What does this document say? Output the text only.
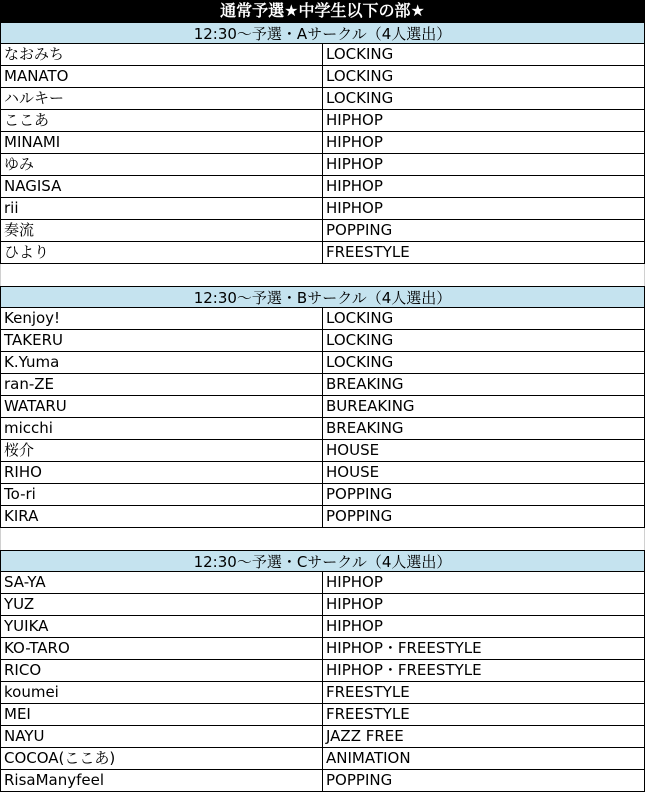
通常予選★中学生以下の部★
12:30～予選・Aサークル（4人選出）
なおみち	LOCKING
MANATO	LOCKING
ハルキー	LOCKING
ここあ	HIPHOP
MINAMI	HIPHOP
ゆみ	HIPHOP
NAGISA	HIPHOP
rii	HIPHOP
奏流	POPPING
ひより	FREESTYLE
12:30～予選・Bサークル（4人選出）
Kenjoy!	LOCKING
TAKERU	LOCKING
K.Yuma	LOCKING
ran-ZE	BREAKING
WATARU	BUREAKING
micchi	BREAKING
桜介	HOUSE
RIHO	HOUSE
To-ri	POPPING
KIRA	POPPING
12:30～予選・Cサークル（4人選出）
SA-YA	HIPHOP
YUZ	HIPHOP
YUIKA	HIPHOP
KO-TARO	HIPHOP・FREESTYLE
RICO	HIPHOP・FREESTYLE
koumei	FREESTYLE
MEI	FREESTYLE
NAYU	JAZZ FREE
COCOA(ここあ)	ANIMATION
RisaManyfeel	POPPING
